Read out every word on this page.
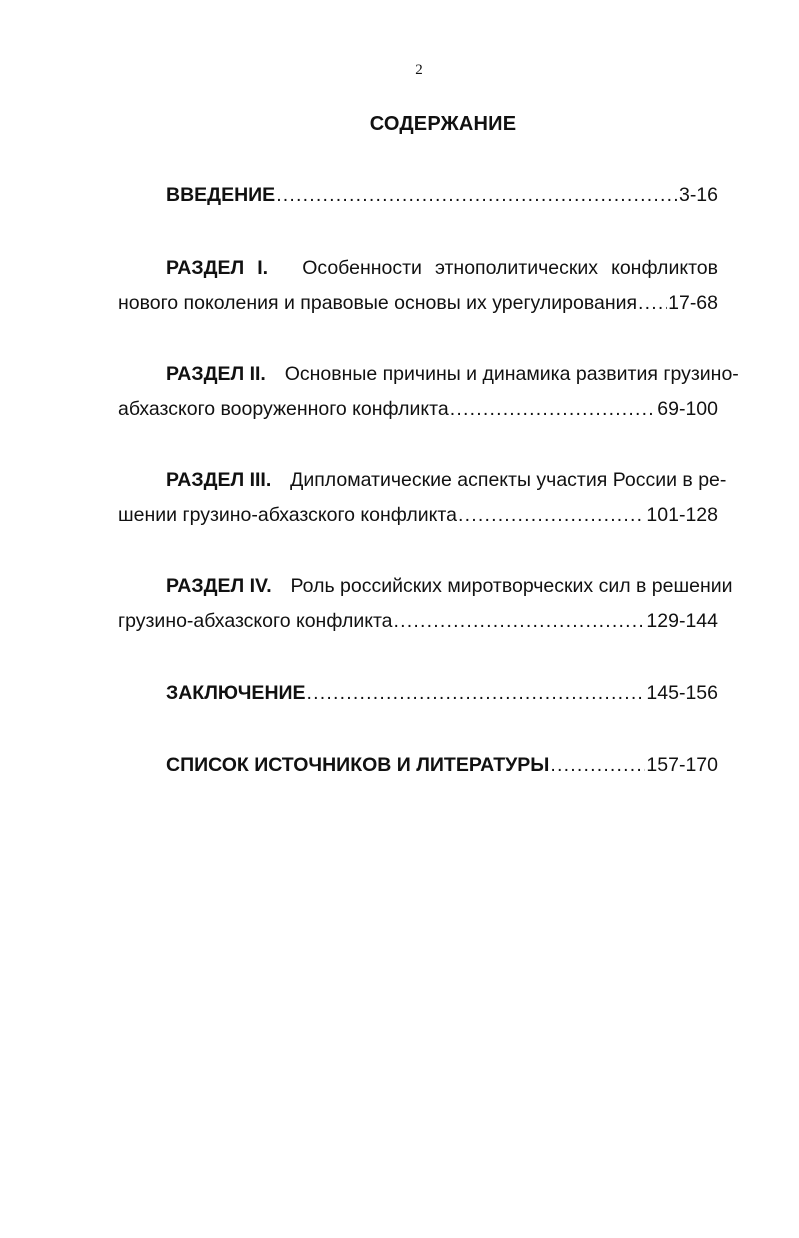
2
СОДЕРЖАНИЕ
ВВЕДЕНИЕ .....	3-16
РАЗДЕЛ I. Особенности этнополитических конфликтов
нового поколения и правовые основы их урегулирования ..... 17-68
РАЗДЕЛ II. Основные причины и динамика развития грузино-
абхазского вооруженного конфликта .....	69-100
РАЗДЕЛ III. Дипломатические аспекты участия России в ре-
шении грузино-абхазского конфликта .....	101-128
РАЗДЕЛ IV. Роль российских миротворческих сил в решении
грузино-абхазского конфликта .....	129-144
ЗАКЛЮЧЕНИЕ .....	145-156
СПИСОК ИСТОЧНИКОВ И ЛИТЕРАТУРЫ .....	157-170
